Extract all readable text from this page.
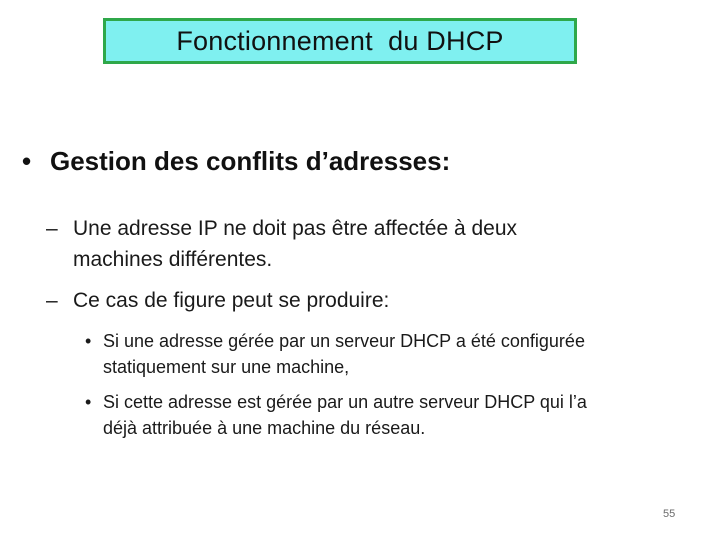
Fonctionnement  du DHCP
• Gestion des conflits d’adresses:
– Une adresse IP ne doit pas être affectée à deux
machines différentes.
– Ce cas de figure peut se produire:
• Si une adresse gérée par un serveur DHCP a été configurée
statiquement sur une machine,
• Si cette adresse est gérée par un autre serveur DHCP qui l’a
déjà attribuée à une machine du réseau.
55
